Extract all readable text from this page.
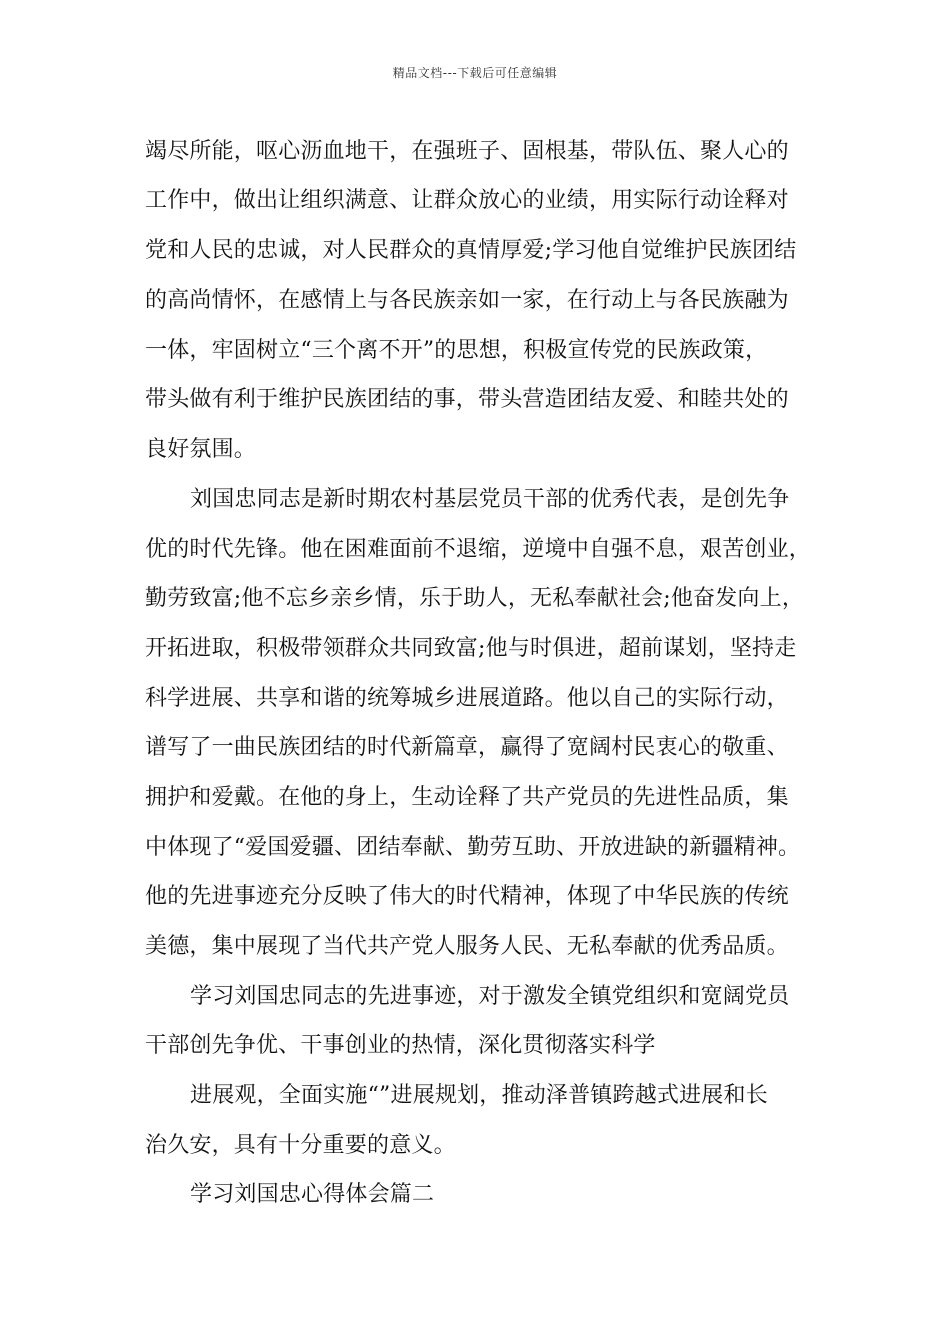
精品文档---下载后可任意编辑
竭尽所能，呕心沥血地干，在强班子、固根基，带队伍、聚人心的
工作中，做出让组织满意、让群众放心的业绩，用实际行动诠释对
党和人民的忠诚，对人民群众的真情厚爱;学习他自觉维护民族团结
的高尚情怀，在感情上与各民族亲如一家，在行动上与各民族融为
一体，牢固树立“三个离不开”的思想，积极宣传党的民族政策，
带头做有利于维护民族团结的事，带头营造团结友爱、和睦共处的
良好氛围。
刘国忠同志是新时期农村基层党员干部的优秀代表，是创先争
优的时代先锋。他在困难面前不退缩，逆境中自强不息，艰苦创业，
勤劳致富;他不忘乡亲乡情，乐于助人，无私奉献社会;他奋发向上，
开拓进取，积极带领群众共同致富;他与时俱进，超前谋划，坚持走
科学进展、共享和谐的统筹城乡进展道路。他以自己的实际行动，
谱写了一曲民族团结的时代新篇章，赢得了宽阔村民衷心的敬重、
拥护和爱戴。在他的身上，生动诠释了共产党员的先进性品质，集
中体现了“爱国爱疆、团结奉献、勤劳互助、开放进缺的新疆精神。
他的先进事迹充分反映了伟大的时代精神，体现了中华民族的传统
美德，集中展现了当代共产党人服务人民、无私奉献的优秀品质。
学习刘国忠同志的先进事迹，对于激发全镇党组织和宽阔党员
干部创先争优、干事创业的热情，深化贯彻落实科学
进展观，全面实施“”进展规划，推动泽普镇跨越式进展和长
治久安，具有十分重要的意义。
学习刘国忠心得体会篇二
